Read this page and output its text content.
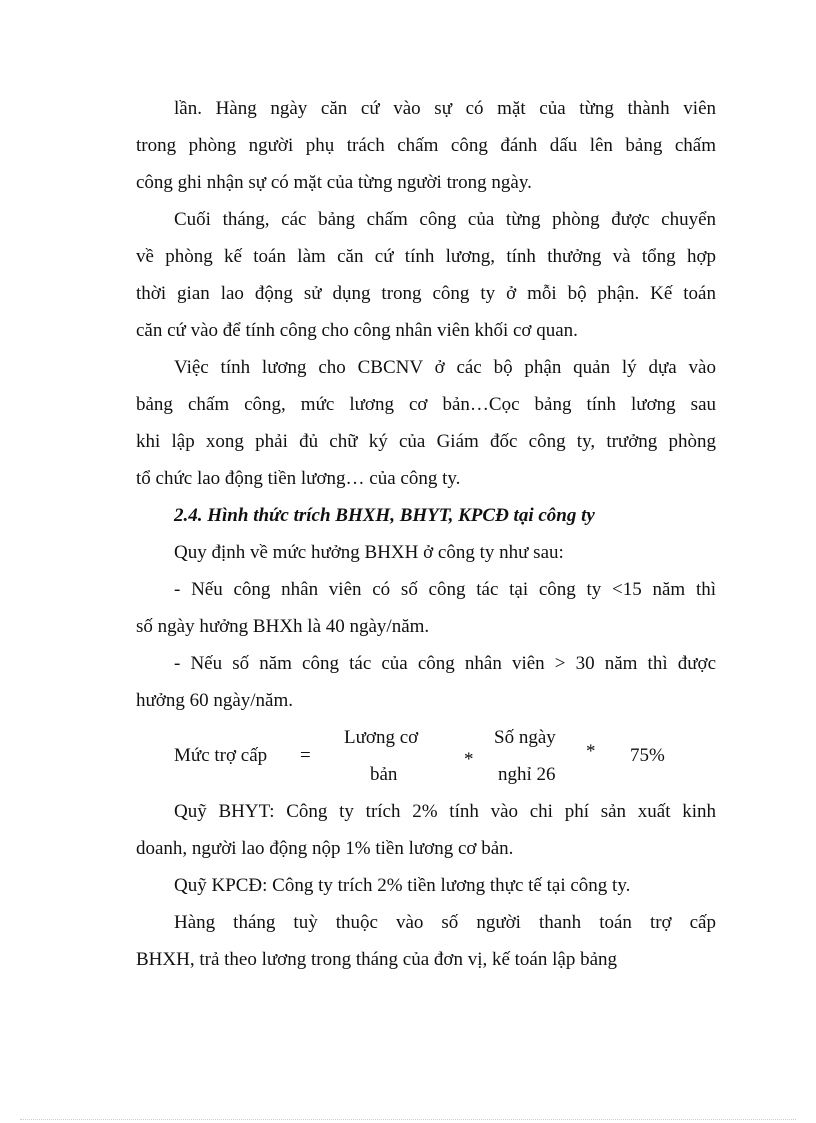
lần. Hàng ngày căn cứ vào sự có mặt của từng thành viên
trong phòng người phụ trách chấm công đánh dấu lên bảng chấm
công ghi nhận sự có mặt của từng người trong ngày.
Cuối tháng, các bảng chấm công của từng phòng được chuyển
về phòng kế toán làm căn cứ tính lương, tính thưởng và tổng hợp
thời gian lao động sử dụng trong công ty ở mỗi bộ phận. Kế toán
căn cứ vào để tính công cho công nhân viên khối cơ quan.
Việc tính lương cho CBCNV ở các bộ phận quản lý dựa vào
bảng chấm công, mức lương cơ bản…Cọc bảng tính lương sau
khi lập xong phải đủ chữ ký của Giám đốc công ty, trưởng phòng
tổ chức lao động tiền lương… của công ty.
2.4. Hình thức trích BHXH, BHYT, KPCĐ tại công ty
Quy định về mức hưởng BHXH ở công ty như sau:
- Nếu công nhân viên có số công tác tại công ty <15 năm thì
số ngày hưởng BHXh là 40 ngày/năm.
- Nếu số năm công tác của công nhân viên > 30 năm thì được
hưởng 60 ngày/năm.
Mức trợ cấp =
Lương cơ
bản
*
Số ngày
nghỉ 26
* 75%
Quỹ BHYT: Công ty trích 2% tính vào chi phí sản xuất kinh
doanh, người lao động nộp 1% tiền lương cơ bản.
Quỹ KPCĐ: Công ty trích 2% tiền lương thực tế tại công ty.
Hàng tháng tuỳ thuộc vào số người thanh toán trợ cấp
BHXH, trả theo lương trong tháng của đơn vị, kế toán lập bảng
